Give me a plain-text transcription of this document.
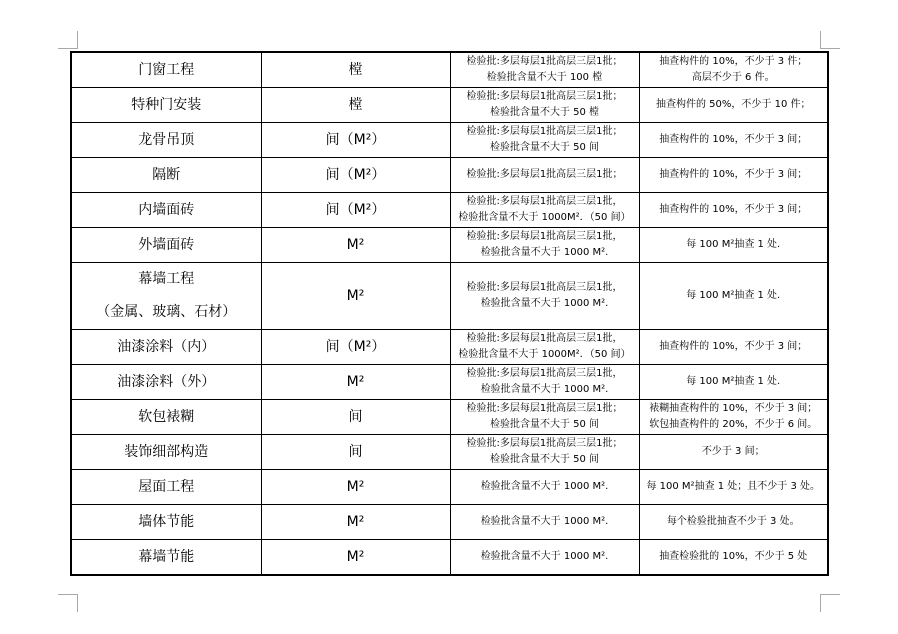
门窗工程	樘	检验批:多层每层1批高层三层1批；
检验批含量不大于 100 樘	抽查构件的 10%，不少于 3 件；
高层不少于 6 件。

特种门安装	樘	检验批:多层每层1批高层三层1批；
检验批含量不大于 50 樘	抽查构件的 50%，不少于 10 件；

龙骨吊顶	间（M²）	检验批:多层每层1批高层三层1批；
检验批含量不大于 50 间	抽查构件的 10%，不少于 3 间；

隔断	间（M²）	检验批:多层每层1批高层三层1批；	抽查构件的 10%，不少于 3 间；

内墙面砖	间（M²）	检验批:多层每层1批高层三层1批，
检验批含量不大于 1000M²．（50 间）	抽查构件的 10%，不少于 3 间；

外墙面砖	M²	检验批:多层每层1批高层三层1批，
检验批含量不大于 1000 M².	每 100 M²抽查 1 处.

幕墙工程
（金属、玻璃、石材）	M²	检验批:多层每层1批高层三层1批，
检验批含量不大于 1000 M².	每 100 M²抽查 1 处.

油漆涂料（内）	间（M²）	检验批:多层每层1批高层三层1批，
检验批含量不大于 1000M²．（50 间）	抽查构件的 10%，不少于 3 间；

油漆涂料（外）	M²	检验批:多层每层1批高层三层1批，
检验批含量不大于 1000 M².	每 100 M²抽查 1 处.

软包裱糊	间	检验批:多层每层1批高层三层1批；
检验批含量不大于 50 间	裱糊抽查构件的 10%，不少于 3 间；
软包抽查构件的 20%，不少于 6 间。

装饰细部构造	间	检验批:多层每层1批高层三层1批；
检验批含量不大于 50 间	不少于 3 间；

屋面工程	M²	检验批含量不大于 1000 M².	每 100 M²抽查 1 处；且不少于 3 处。

墙体节能	M²	检验批含量不大于 1000 M².	每个检验批抽查不少于 3 处。

幕墙节能	M²	检验批含量不大于 1000 M².	抽查检验批的 10%，不少于 5 处
